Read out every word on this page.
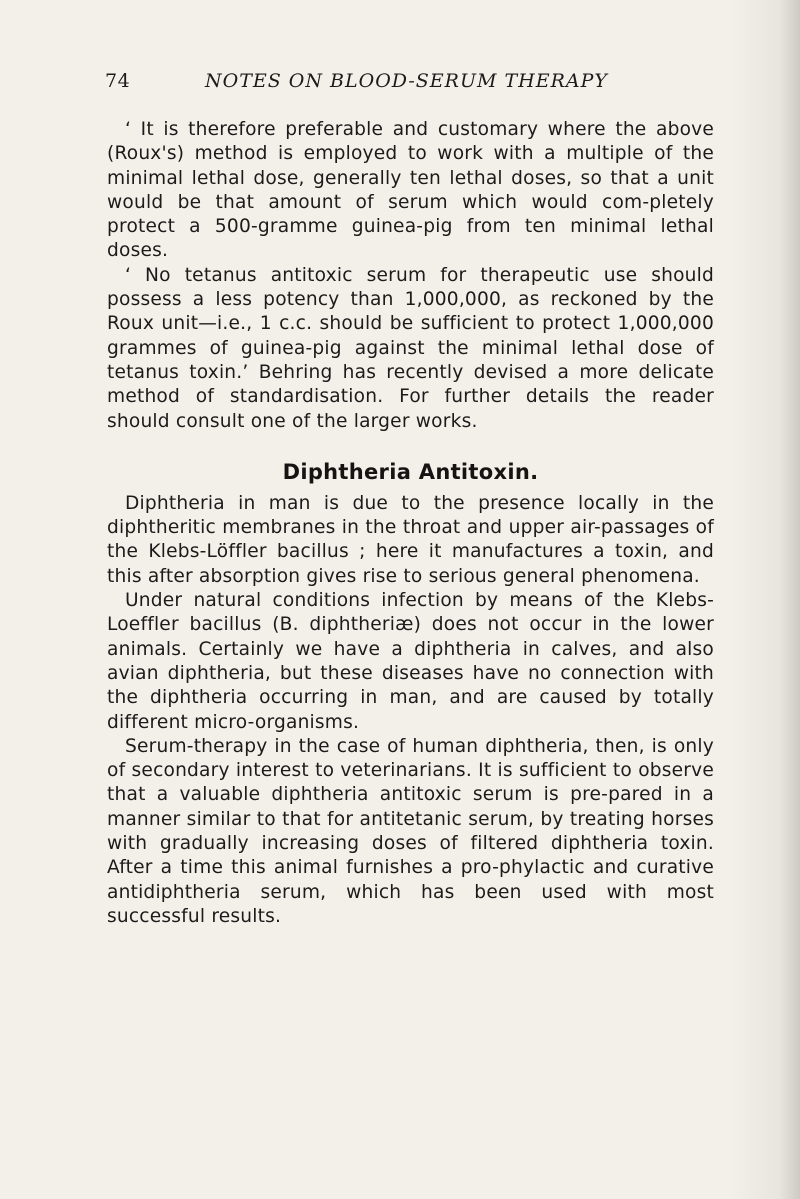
74	NOTES ON BLOOD-SERUM THERAPY

‘ It is therefore preferable and customary where the above (Roux's) method is employed to work with a multiple of the minimal lethal dose, generally ten lethal doses, so that a unit would be that amount of serum which would com-pletely protect a 500-gramme guinea-pig from ten minimal lethal doses.

‘ No tetanus antitoxic serum for therapeutic use should possess a less potency than 1,000,000, as reckoned by the Roux unit—i.e., 1 c.c. should be sufficient to protect 1,000,000 grammes of guinea-pig against the minimal lethal dose of tetanus toxin.’ Behring has recently devised a more delicate method of standardisation. For further details the reader should consult one of the larger works.

Diphtheria Antitoxin.

Diphtheria in man is due to the presence locally in the diphtheritic membranes in the throat and upper air-passages of the Klebs-Löffler bacillus ; here it manufactures a toxin, and this after absorption gives rise to serious general phenomena.

Under natural conditions infection by means of the Klebs-Loeffler bacillus (B. diphtheriæ) does not occur in the lower animals. Certainly we have a diphtheria in calves, and also avian diphtheria, but these diseases have no connection with the diphtheria occurring in man, and are caused by totally different micro-organisms.

Serum-therapy in the case of human diphtheria, then, is only of secondary interest to veterinarians. It is sufficient to observe that a valuable diphtheria antitoxic serum is pre-pared in a manner similar to that for antitetanic serum, by treating horses with gradually increasing doses of filtered diphtheria toxin. After a time this animal furnishes a pro-phylactic and curative antidiphtheria serum, which has been used with most successful results.
